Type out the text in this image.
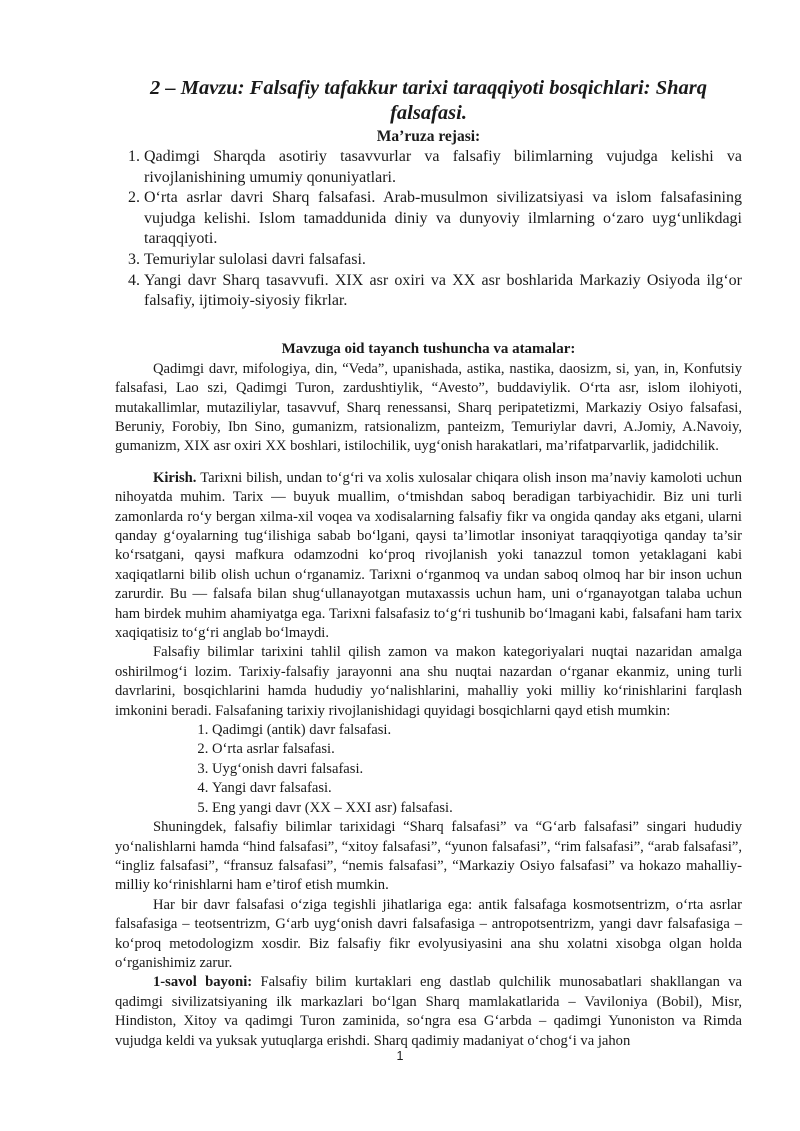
2 – Mavzu: Falsafiy tafakkur tarixi taraqqiyoti bosqichlari: Sharq falsafasi.
Ma’ruza rejasi:
1. Qadimgi Sharqda asotiriy tasavvurlar va falsafiy bilimlarning vujudga kelishi va rivojlanishining umumiy qonuniyatlari.
2. O‘rta asrlar davri Sharq falsafasi. Arab-musulmon sivilizatsiyasi va islom falsafasining vujudga kelishi. Islom tamaddunida diniy va dunyoviy ilmlarning o‘zaro uyg‘unlikdagi taraqqiyoti.
3. Temuriylar sulolasi davri falsafasi.
4. Yangi davr Sharq tasavvufi. XIX asr oxiri va XX asr boshlarida Markaziy Osiyoda ilg‘or falsafiy, ijtimoiy-siyosiy fikrlar.
Mavzuga oid tayanch tushuncha va atamalar:

Qadimgi davr, mifologiya, din, “Veda”, upanishada, astika, nastika, daosizm, si, yan, in, Konfutsiy falsafasi, Lao szi, Qadimgi Turon, zardushtiylik, “Avesto”, buddaviylik. O‘rta asr, islom ilohiyoti, mutakallimlar, mutaziliylar, tasavvuf, Sharq renessansi, Sharq peripatetizmi, Markaziy Osiyo falsafasi, Beruniy, Forobiy, Ibn Sino, gumanizm, ratsionalizm, panteizm, Temuriylar davri, A.Jomiy, A.Navoiy, gumanizm, XIX asr oxiri XX boshlari, istilochilik, uyg‘onish harakatlari, ma’rifatparvarlik, jadidchilik.

Kirish. Tarixni bilish, undan to‘g‘ri va xolis xulosalar chiqara olish inson ma’naviy kamoloti uchun nihoyatda muhim. Tarix — buyuk muallim, o‘tmishdan saboq beradigan tarbiyachidir. Biz uni turli zamonlarda ro‘y bergan xilma-xil voqea va xodisalarning falsafiy fikr va ongida qanday aks etgani, ularni qanday g‘oyalarning tug‘ilishiga sabab bo‘lgani, qaysi ta’limotlar insoniyat taraqqiyotiga qanday ta’sir ko‘rsatgani, qaysi mafkura odamzodni ko‘proq rivojlanish yoki tanazzul tomon yetaklagani kabi xaqiqatlarni bilib olish uchun o‘rganamiz. Tarixni o‘rganmoq va undan saboq olmoq har bir inson uchun zarurdir. Bu — falsafa bilan shug‘ullanayotgan mutaxassis uchun ham, uni o‘rganayotgan talaba uchun ham birdek muhim ahamiyatga ega. Tarixni falsafasiz to‘g‘ri tushunib bo‘lmagani kabi, falsafani ham tarix xaqiqatisiz to‘g‘ri anglab bo‘lmaydi.

Falsafiy bilimlar tarixini tahlil qilish zamon va makon kategoriyalari nuqtai nazaridan amalga oshirilmog‘i lozim. Tarixiy-falsafiy jarayonni ana shu nuqtai nazardan o‘rganar ekanmiz, uning turli davrlarini, bosqichlarini hamda hududiy yo‘nalishlarini, mahalliy yoki milliy ko‘rinishlarini farqlash imkonini beradi. Falsafaning tarixiy rivojlanishidagi quyidagi bosqichlarni qayd etish mumkin:

1. Qadimgi (antik) davr falsafasi.
2. O‘rta asrlar falsafasi.
3. Uyg‘onish davri falsafasi.
4. Yangi davr falsafasi.
5. Eng yangi davr (XX – XXI asr) falsafasi.

Shuningdek, falsafiy bilimlar tarixidagi “Sharq falsafasi” va “G‘arb falsafasi” singari hududiy yo‘nalishlarni hamda “hind falsafasi”, “xitoy falsafasi”, “yunon falsafasi”, “rim falsafasi”, “arab falsafasi”, “ingliz falsafasi”, “fransuz falsafasi”, “nemis falsafasi”, “Markaziy Osiyo falsafasi” va hokazo mahalliy-milliy ko‘rinishlarni ham e’tirof etish mumkin.

Har bir davr falsafasi o‘ziga tegishli jihatlariga ega: antik falsafaga kosmotsentrizm, o‘rta asrlar falsafasiga – teotsentrizm, G‘arb uyg‘onish davri falsafasiga – antropotsentrizm, yangi davr falsafasiga – ko‘proq metodologizm xosdir. Biz falsafiy fikr evolyusiyasini ana shu xolatni xisobga olgan holda o‘rganishimiz zarur.

1-savol bayoni: Falsafiy bilim kurtaklari eng dastlab qulchilik munosabatlari shakllangan va qadimgi sivilizatsiyaning ilk markazlari bo‘lgan Sharq mamlakatlarida – Vaviloniya (Bobil), Misr, Hindiston, Xitoy va qadimgi Turon zaminida, so‘ngra esa G‘arbda – qadimgi Yunoniston va Rimda vujudga keldi va yuksak yutuqlarga erishdi. Sharq qadimiy madaniyat o‘chog‘i va jahon

1
